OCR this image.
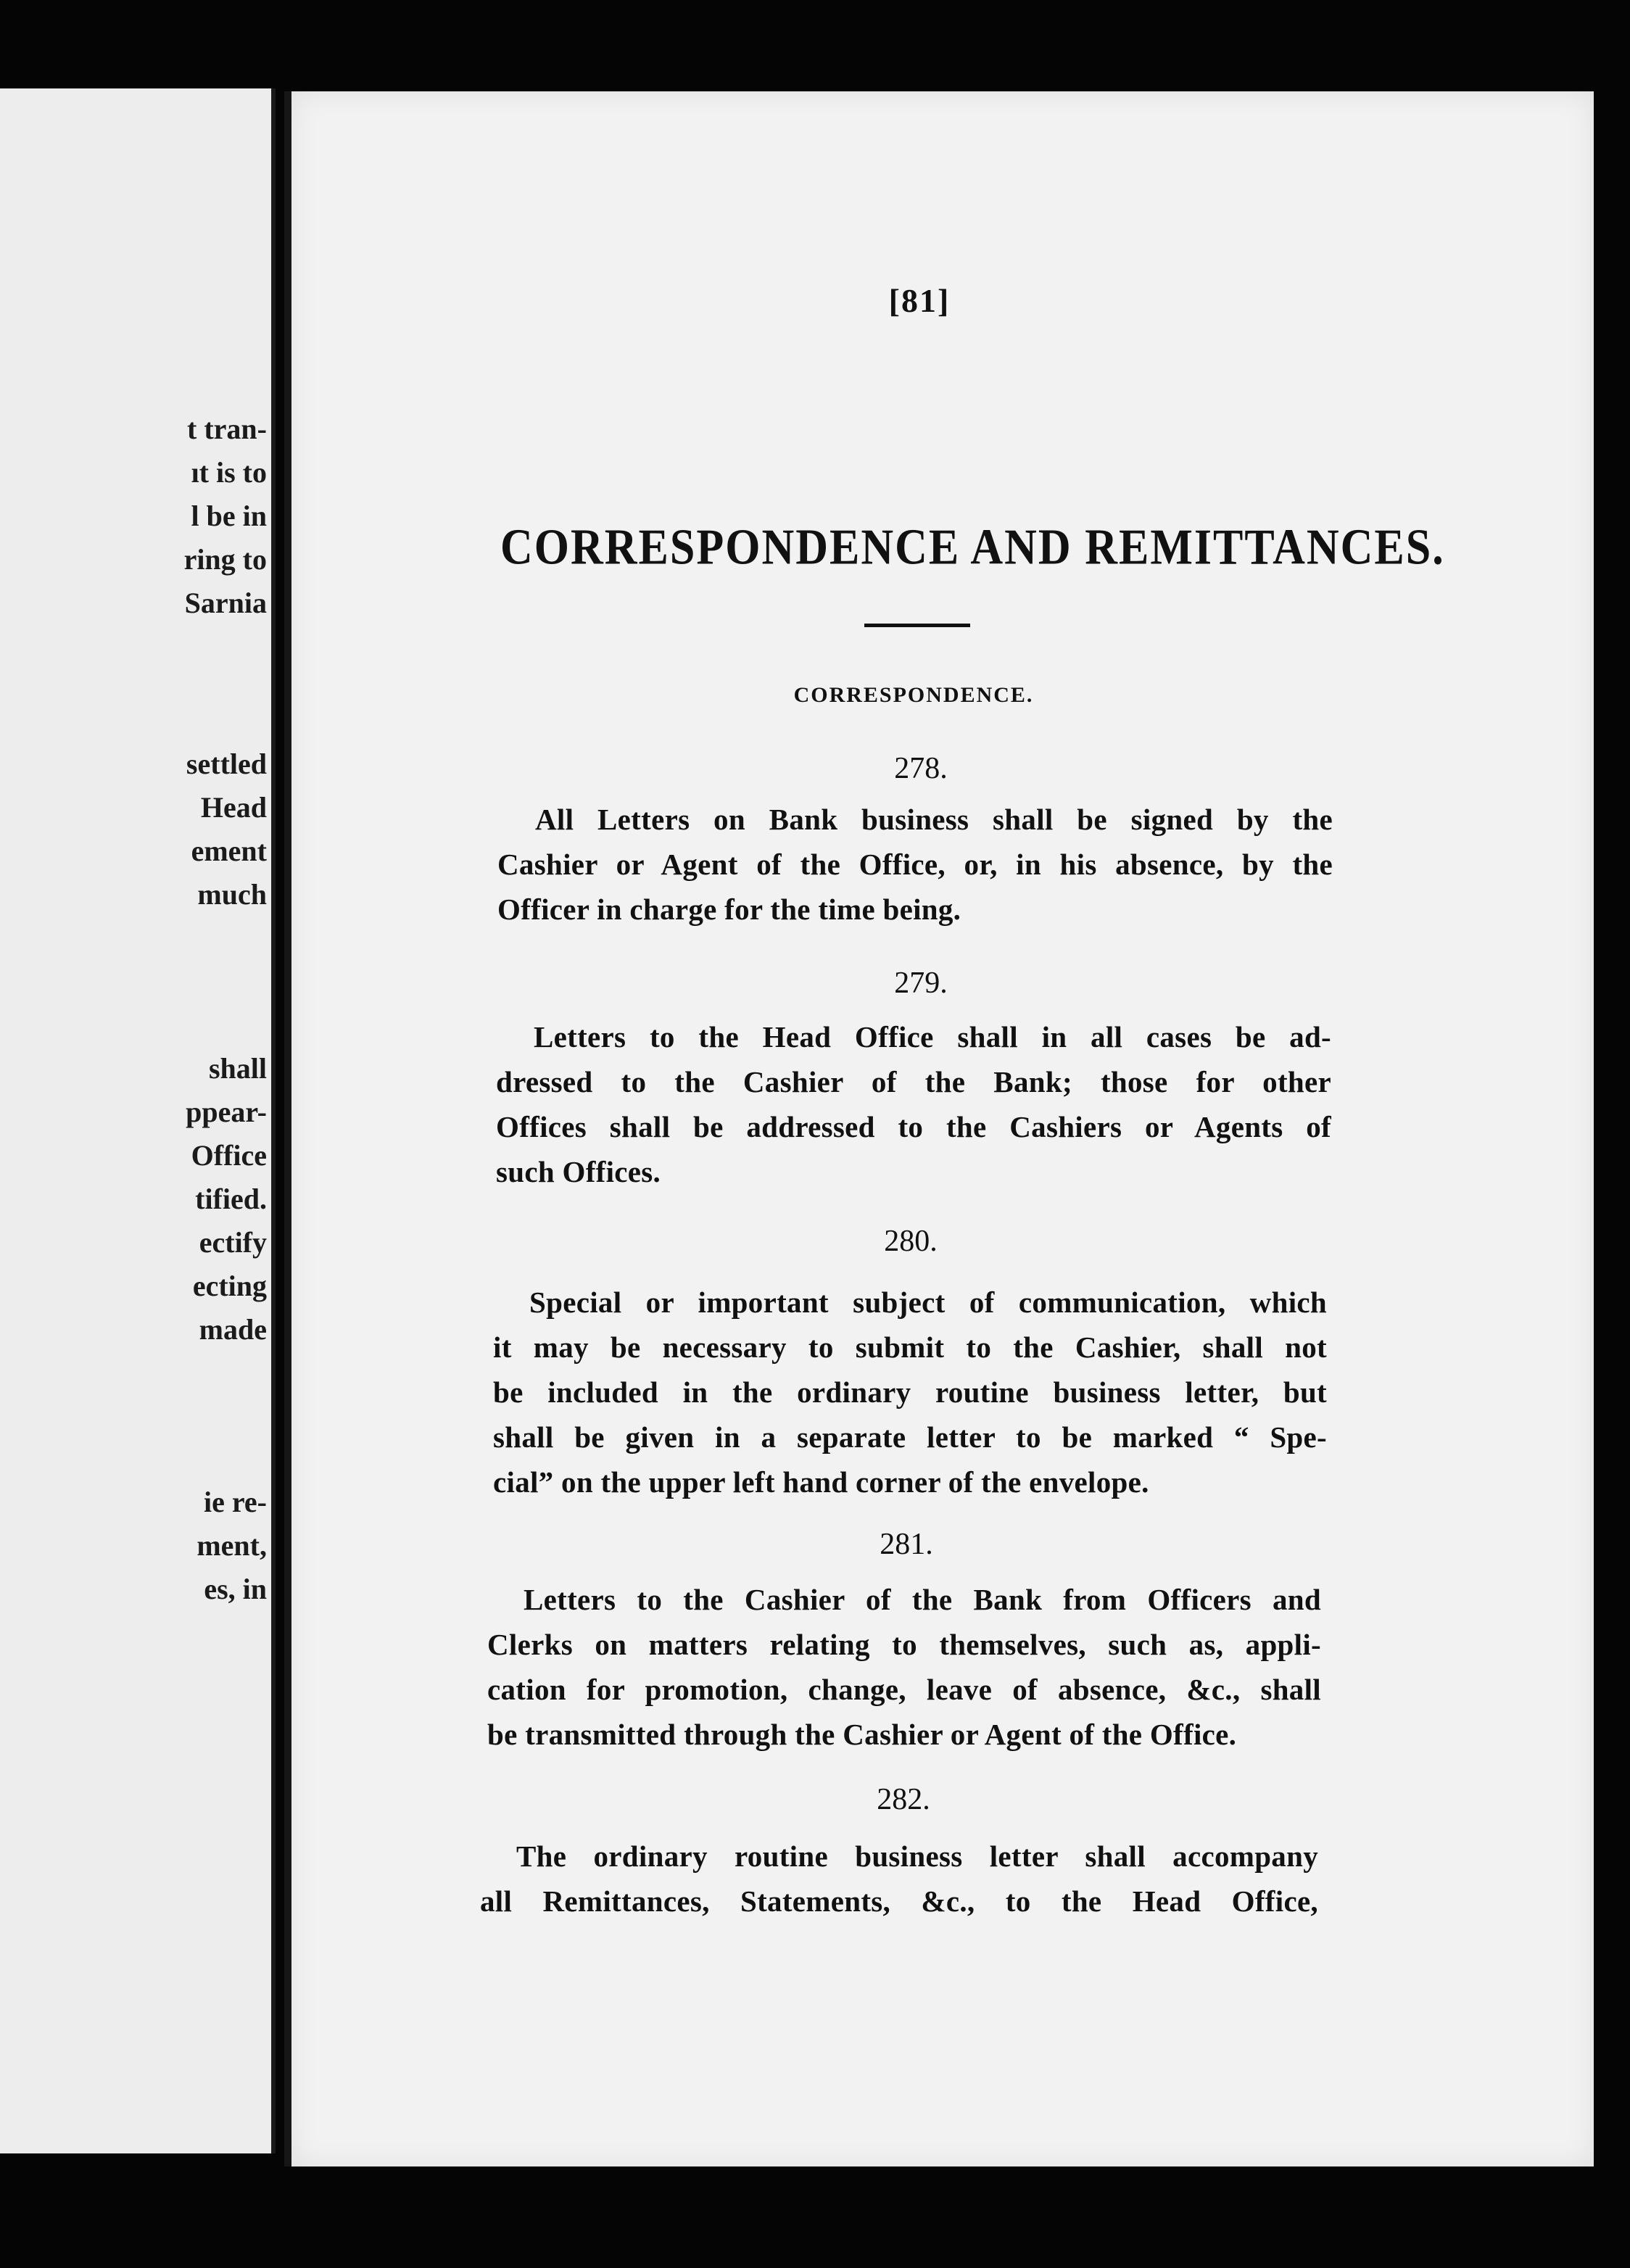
t tran-
ıt is to
l be in
ring to
Sarnia
settled
Head
ement
much
shall
ppear-
Office
tified.
ectify
ecting
made
ie re-
ment,
es, in
[81]
CORRESPONDENCE AND REMITTANCES.
CORRESPONDENCE.
278.
All Letters on Bank business shall be signed by the
Cashier or Agent of the Office, or, in his absence, by the
Officer in charge for the time being.
279.
Letters to the Head Office shall in all cases be ad-
dressed to the Cashier of the Bank; those for other
Offices shall be addressed to the Cashiers or Agents of
such Offices.
280.
Special or important subject of communication, which
it may be necessary to submit to the Cashier, shall not
be included in the ordinary routine business letter, but
shall be given in a separate letter to be marked “ Spe-
cial” on the upper left hand corner of the envelope.
281.
Letters to the Cashier of the Bank from Officers and
Clerks on matters relating to themselves, such as, appli-
cation for promotion, change, leave of absence, &c., shall
be transmitted through the Cashier or Agent of the Office.
282.
The ordinary routine business letter shall accompany
all Remittances, Statements, &c., to the Head Office,
